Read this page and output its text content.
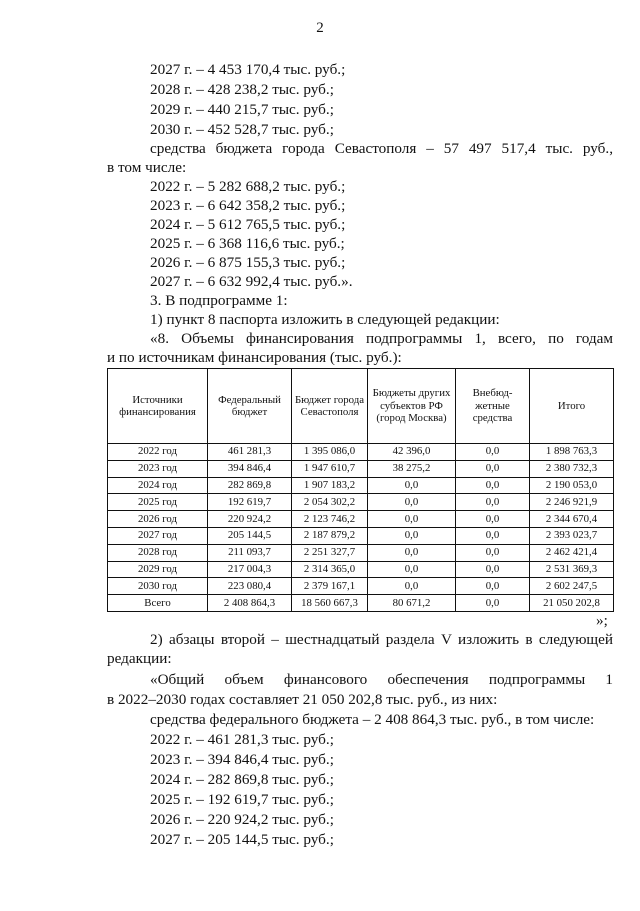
2
2027 г. – 4 453 170,4 тыс. руб.;
2028 г. – 428 238,2 тыс. руб.;
2029 г. – 440 215,7 тыс. руб.;
2030 г. – 452 528,7 тыс. руб.;
средства бюджета города Севастополя – 57 497 517,4 тыс. руб.,
в том числе:
2022 г. – 5 282 688,2 тыс. руб.;
2023 г. – 6 642 358,2 тыс. руб.;
2024 г. – 5 612 765,5 тыс. руб.;
2025 г. – 6 368 116,6 тыс. руб.;
2026 г. – 6 875 155,3 тыс. руб.;
2027 г. – 6 632 992,4 тыс. руб.».
3. В подпрограмме 1:
1) пункт 8 паспорта изложить в следующей редакции:
«8. Объемы финансирования подпрограммы 1, всего, по годам
и по источникам финансирования (тыс. руб.):
Источники финансирования	Федеральный бюджет	Бюджет города Севастополя	Бюджеты других субъектов РФ (город Москва)	Внебюд-жетные средства	Итого
2022 год	461 281,3	1 395 086,0	42 396,0	0,0	1 898 763,3
2023 год	394 846,4	1 947 610,7	38 275,2	0,0	2 380 732,3
2024 год	282 869,8	1 907 183,2	0,0	0,0	2 190 053,0
2025 год	192 619,7	2 054 302,2	0,0	0,0	2 246 921,9
2026 год	220 924,2	2 123 746,2	0,0	0,0	2 344 670,4
2027 год	205 144,5	2 187 879,2	0,0	0,0	2 393 023,7
2028 год	211 093,7	2 251 327,7	0,0	0,0	2 462 421,4
2029 год	217 004,3	2 314 365,0	0,0	0,0	2 531 369,3
2030 год	223 080,4	2 379 167,1	0,0	0,0	2 602 247,5
Всего	2 408 864,3	18 560 667,3	80 671,2	0,0	21 050 202,8
»;
2) абзацы второй – шестнадцатый раздела V изложить в следующей
редакции:
«Общий объем финансового обеспечения подпрограммы 1
в 2022–2030 годах составляет 21 050 202,8 тыс. руб., из них:
средства федерального бюджета – 2 408 864,3 тыс. руб., в том числе:
2022 г. – 461 281,3 тыс. руб.;
2023 г. – 394 846,4 тыс. руб.;
2024 г. – 282 869,8 тыс. руб.;
2025 г. – 192 619,7 тыс. руб.;
2026 г. – 220 924,2 тыс. руб.;
2027 г. – 205 144,5 тыс. руб.;
